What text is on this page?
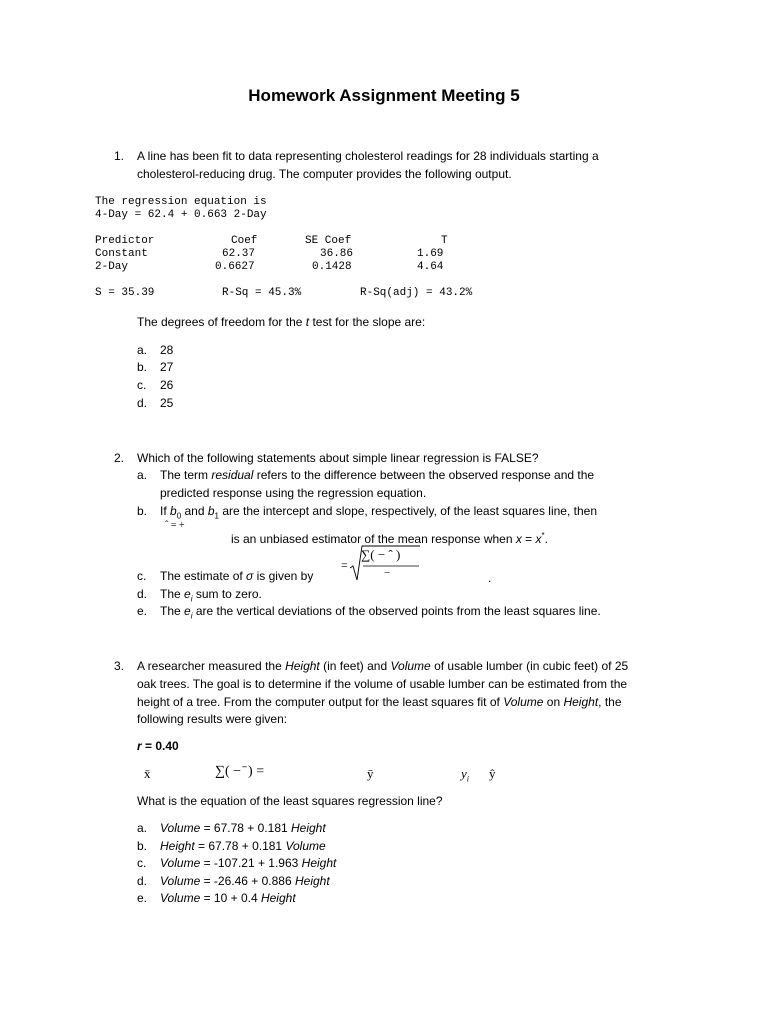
Homework Assignment Meeting 5
1. A line has been fit to data representing cholesterol readings for 28 individuals starting a
cholesterol-reducing drug. The computer provides the following output.
The regression equation is
4-Day = 62.4 + 0.663 2-Day
Predictor	Coef	SE Coef	T
Constant	62.37	36.86	1.69
2-Day	0.6627	0.1428	4.64
S = 35.39	R-Sq = 45.3%	R-Sq(adj) = 43.2%
The degrees of freedom for the t test for the slope are:
a. 28
b. 27
c. 26
d. 25
2. Which of the following statements about simple linear regression is FALSE?
a. The term residual refers to the difference between the observed response and the
predicted response using the regression equation.
b. If $b_0$ and $b_1$ are the intercept and slope, respectively, of the least squares line, then
ˆ = +
is an unbiased estimator of the mean response when x = x*.
c. The estimate of σ is given by
=
∑( − ˆ )
−	.
d. The $e_i$ sum to zero.
e. The $e_i$ are the vertical deviations of the observed points from the least squares line.
3. A researcher measured the Height (in feet) and Volume of usable lumber (in cubic feet) of 25
oak trees. The goal is to determine if the volume of usable lumber can be estimated from the
height of a tree. From the computer output for the least squares fit of Volume on Height, the
following results were given:
r = 0.40
x̄	∑( − ̄ ) =	ȳ	$y_i$ ŷ
What is the equation of the least squares regression line?
a. Volume = 67.78 + 0.181 Height
b. Height = 67.78 + 0.181 Volume
c. Volume = -107.21 + 1.963 Height
d. Volume = -26.46 + 0.886 Height
e. Volume = 10 + 0.4 Height
